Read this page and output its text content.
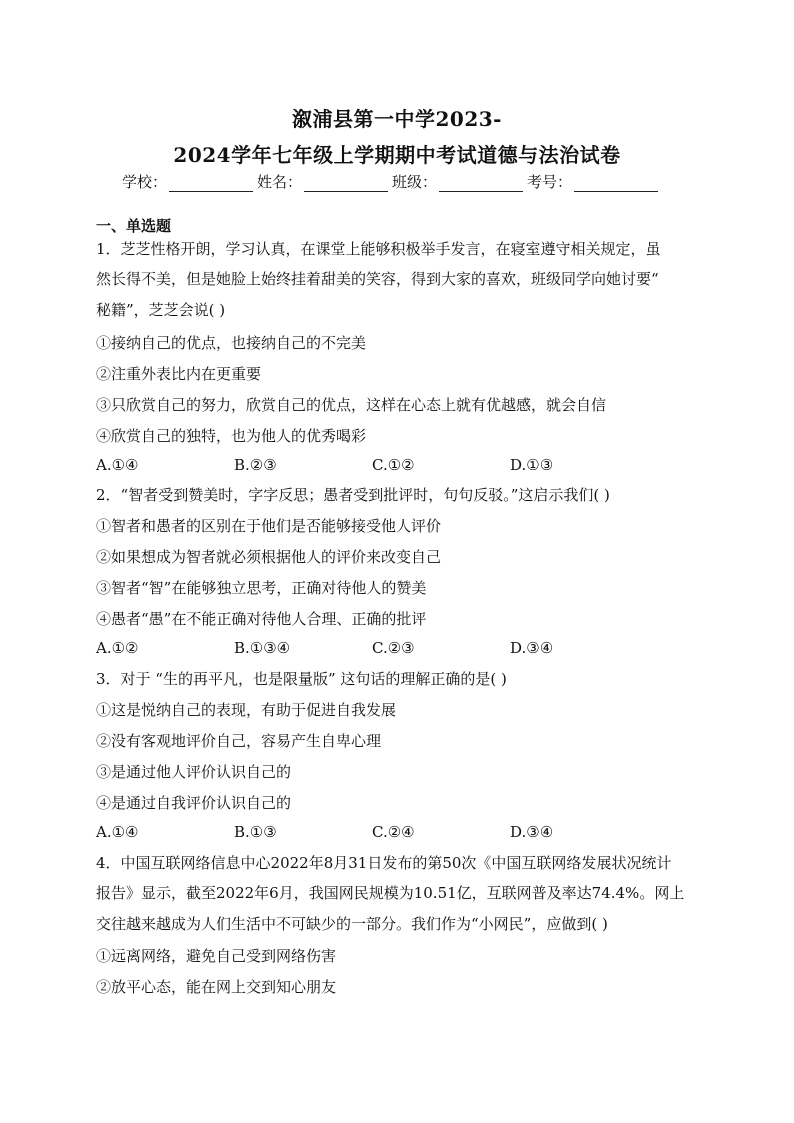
溆浦县第一中学2023-
2024学年七年级上学期期中考试道德与法治试卷
学校：	姓名：	班级：	考号：
一、单选题
1．芝芝性格开朗，学习认真，在课堂上能够积极举手发言，在寝室遵守相关规定，虽
然长得不美，但是她脸上始终挂着甜美的笑容，得到大家的喜欢，班级同学向她讨要“
秘籍”，芝芝会说( )
①接纳自己的优点，也接纳自己的不完美
②注重外表比内在更重要
③只欣赏自己的努力，欣赏自己的优点，这样在心态上就有优越感，就会自信
④欣赏自己的独特，也为他人的优秀喝彩
A.①④	B.②③	C.①②	D.①③
2．“智者受到赞美时，字字反思；愚者受到批评时，句句反驳。”这启示我们( )
①智者和愚者的区别在于他们是否能够接受他人评价
②如果想成为智者就必须根据他人的评价来改变自己
③智者“智”在能够独立思考，正确对待他人的赞美
④愚者“愚”在不能正确对待他人合理、正确的批评
A.①②	B.①③④	C.②③	D.③④
3．对于 “生的再平凡，也是限量版” 这句话的理解正确的是( )
①这是悦纳自己的表现，有助于促进自我发展
②没有客观地评价自己，容易产生自卑心理
③是通过他人评价认识自己的
④是通过自我评价认识自己的
A.①④	B.①③	C.②④	D.③④
4．中国互联网络信息中心2022年8月31日发布的第50次《中国互联网络发展状况统计
报告》显示，截至2022年6月，我国网民规模为10.51亿，互联网普及率达74.4%。网上
交往越来越成为人们生活中不可缺少的一部分。我们作为“小网民”，应做到( )
①远离网络，避免自己受到网络伤害
②放平心态，能在网上交到知心朋友
